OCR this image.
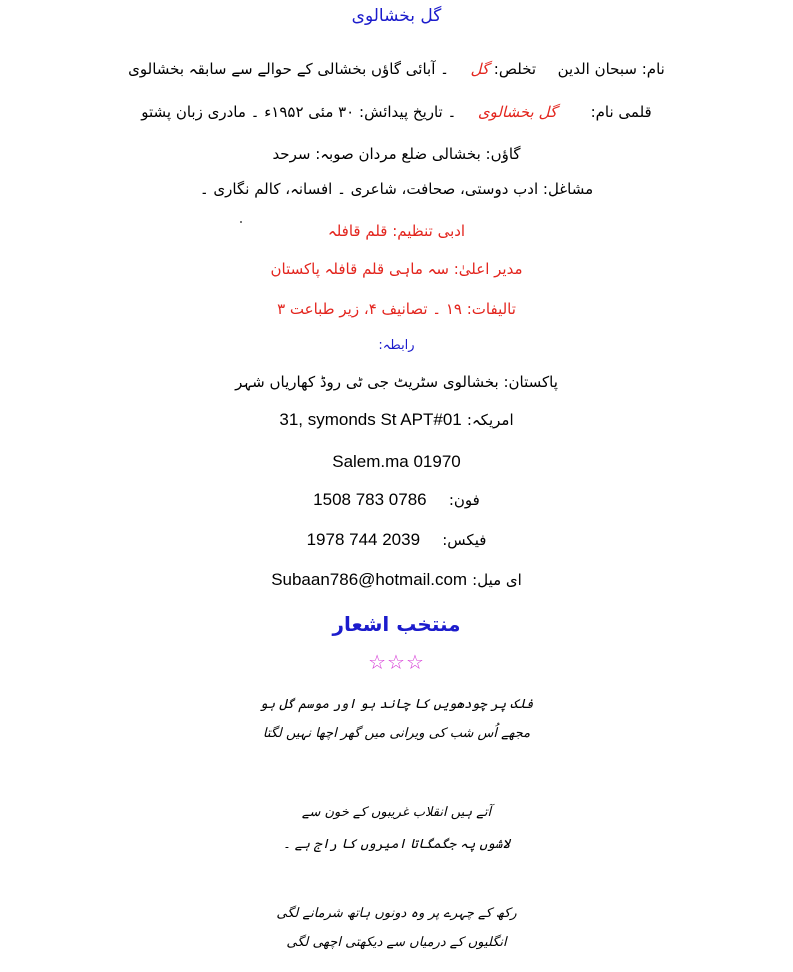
گل بخشالوی
نام: سبحان الدین  تخلص: گل  ۔ آبائی گاؤں بخشالی کے حوالے سے سابقہ بخشالوی
قلمی نام:  گل بخشالوی  ۔ تاریخ پیدائش: ۳۰ مئی ۱۹۵۲ء ۔ مادری زبان پشتو
گاؤں: بخشالی ضلع مردان صوبہ: سرحد
مشاغل: ادب دوستی، صحافت، شاعری ۔ افسانہ، کالم نگاری ۔
ادبی تنظیم: قلم قافلہ
مدیر اعلیٰ: سہ ماہی قلم قافلہ پاکستان
تالیفات: ۱۹ ۔ تصانیف ۴، زیر طباعت ۳
رابطہ:
پاکستان: بخشالوی سٹریٹ جی ٹی روڈ کھاریاں شہر
امریکہ: 31, symonds St APT#01
Salem.ma 01970
فون:  1508 783 0786
فیکس:  1978 744 2039
ای میل: Subaan786@hotmail.com
منتخب اشعار
☆☆☆
فلک پر چودھویں کا چاند ہو اور موسم گل ہو
مجھے اُس شب کی ویرانی میں گھر اچھا نہیں لگتا
آتے ہیں انقلاب غریبوں کے خون سے
لاشوں پہ جگمگاتا امیروں کا راج ہے ۔
رکھ کے چہرے پر وہ دونوں ہاتھ شرمانے لگی
انگلیوں کے درمیاں سے دیکھتی اچھی لگی
